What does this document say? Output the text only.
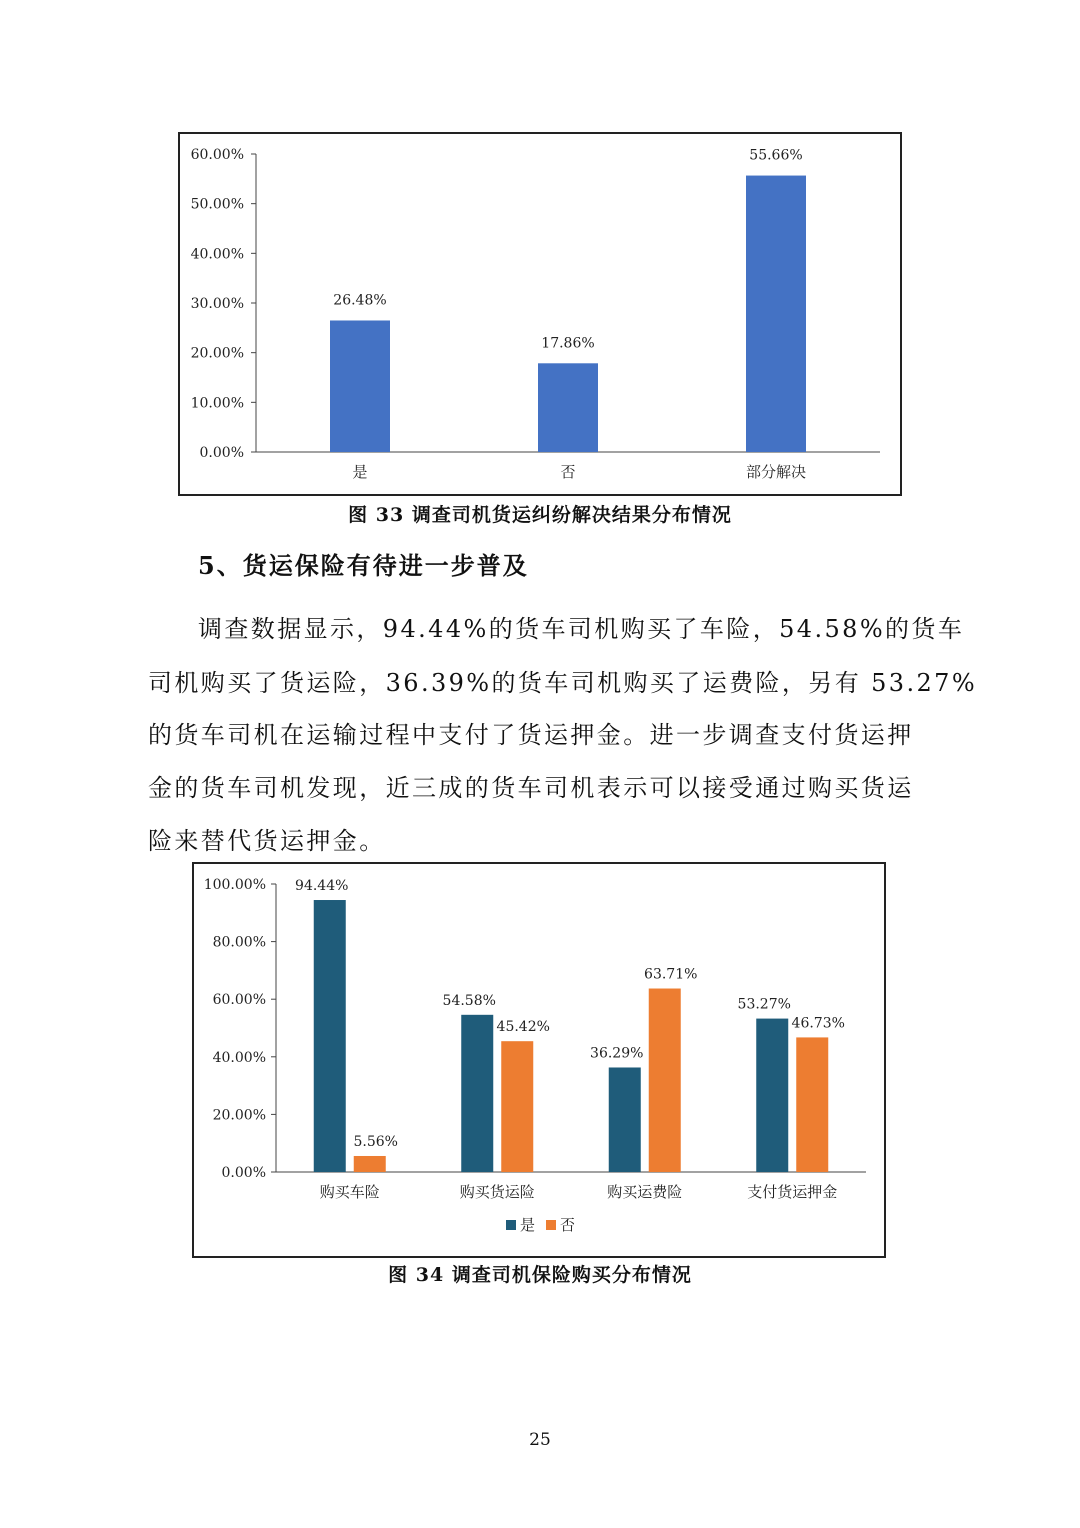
0.00%
10.00%
20.00%
30.00%
40.00%
50.00%
60.00%
26.48%
是
17.86%
否
55.66%
部分解决
图 33 调查司机货运纠纷解决结果分布情况
5、货运保险有待进一步普及
调查数据显示，94.44%的货车司机购买了车险，54.58%的货车
司机购买了货运险，36.39%的货车司机购买了运费险，另有 53.27%
的货车司机在运输过程中支付了货运押金。进一步调查支付货运押
金的货车司机发现，近三成的货车司机表示可以接受通过购买货运
险来替代货运押金。
0.00%
20.00%
40.00%
60.00%
80.00%
100.00% 94.44%
5.56%
购买车险
54.58%
45.42%
购买货运险
36.29%
63.71%
购买运费险
53.27%
46.73%
支付货运押金
是 否
图 34 调查司机保险购买分布情况
25
